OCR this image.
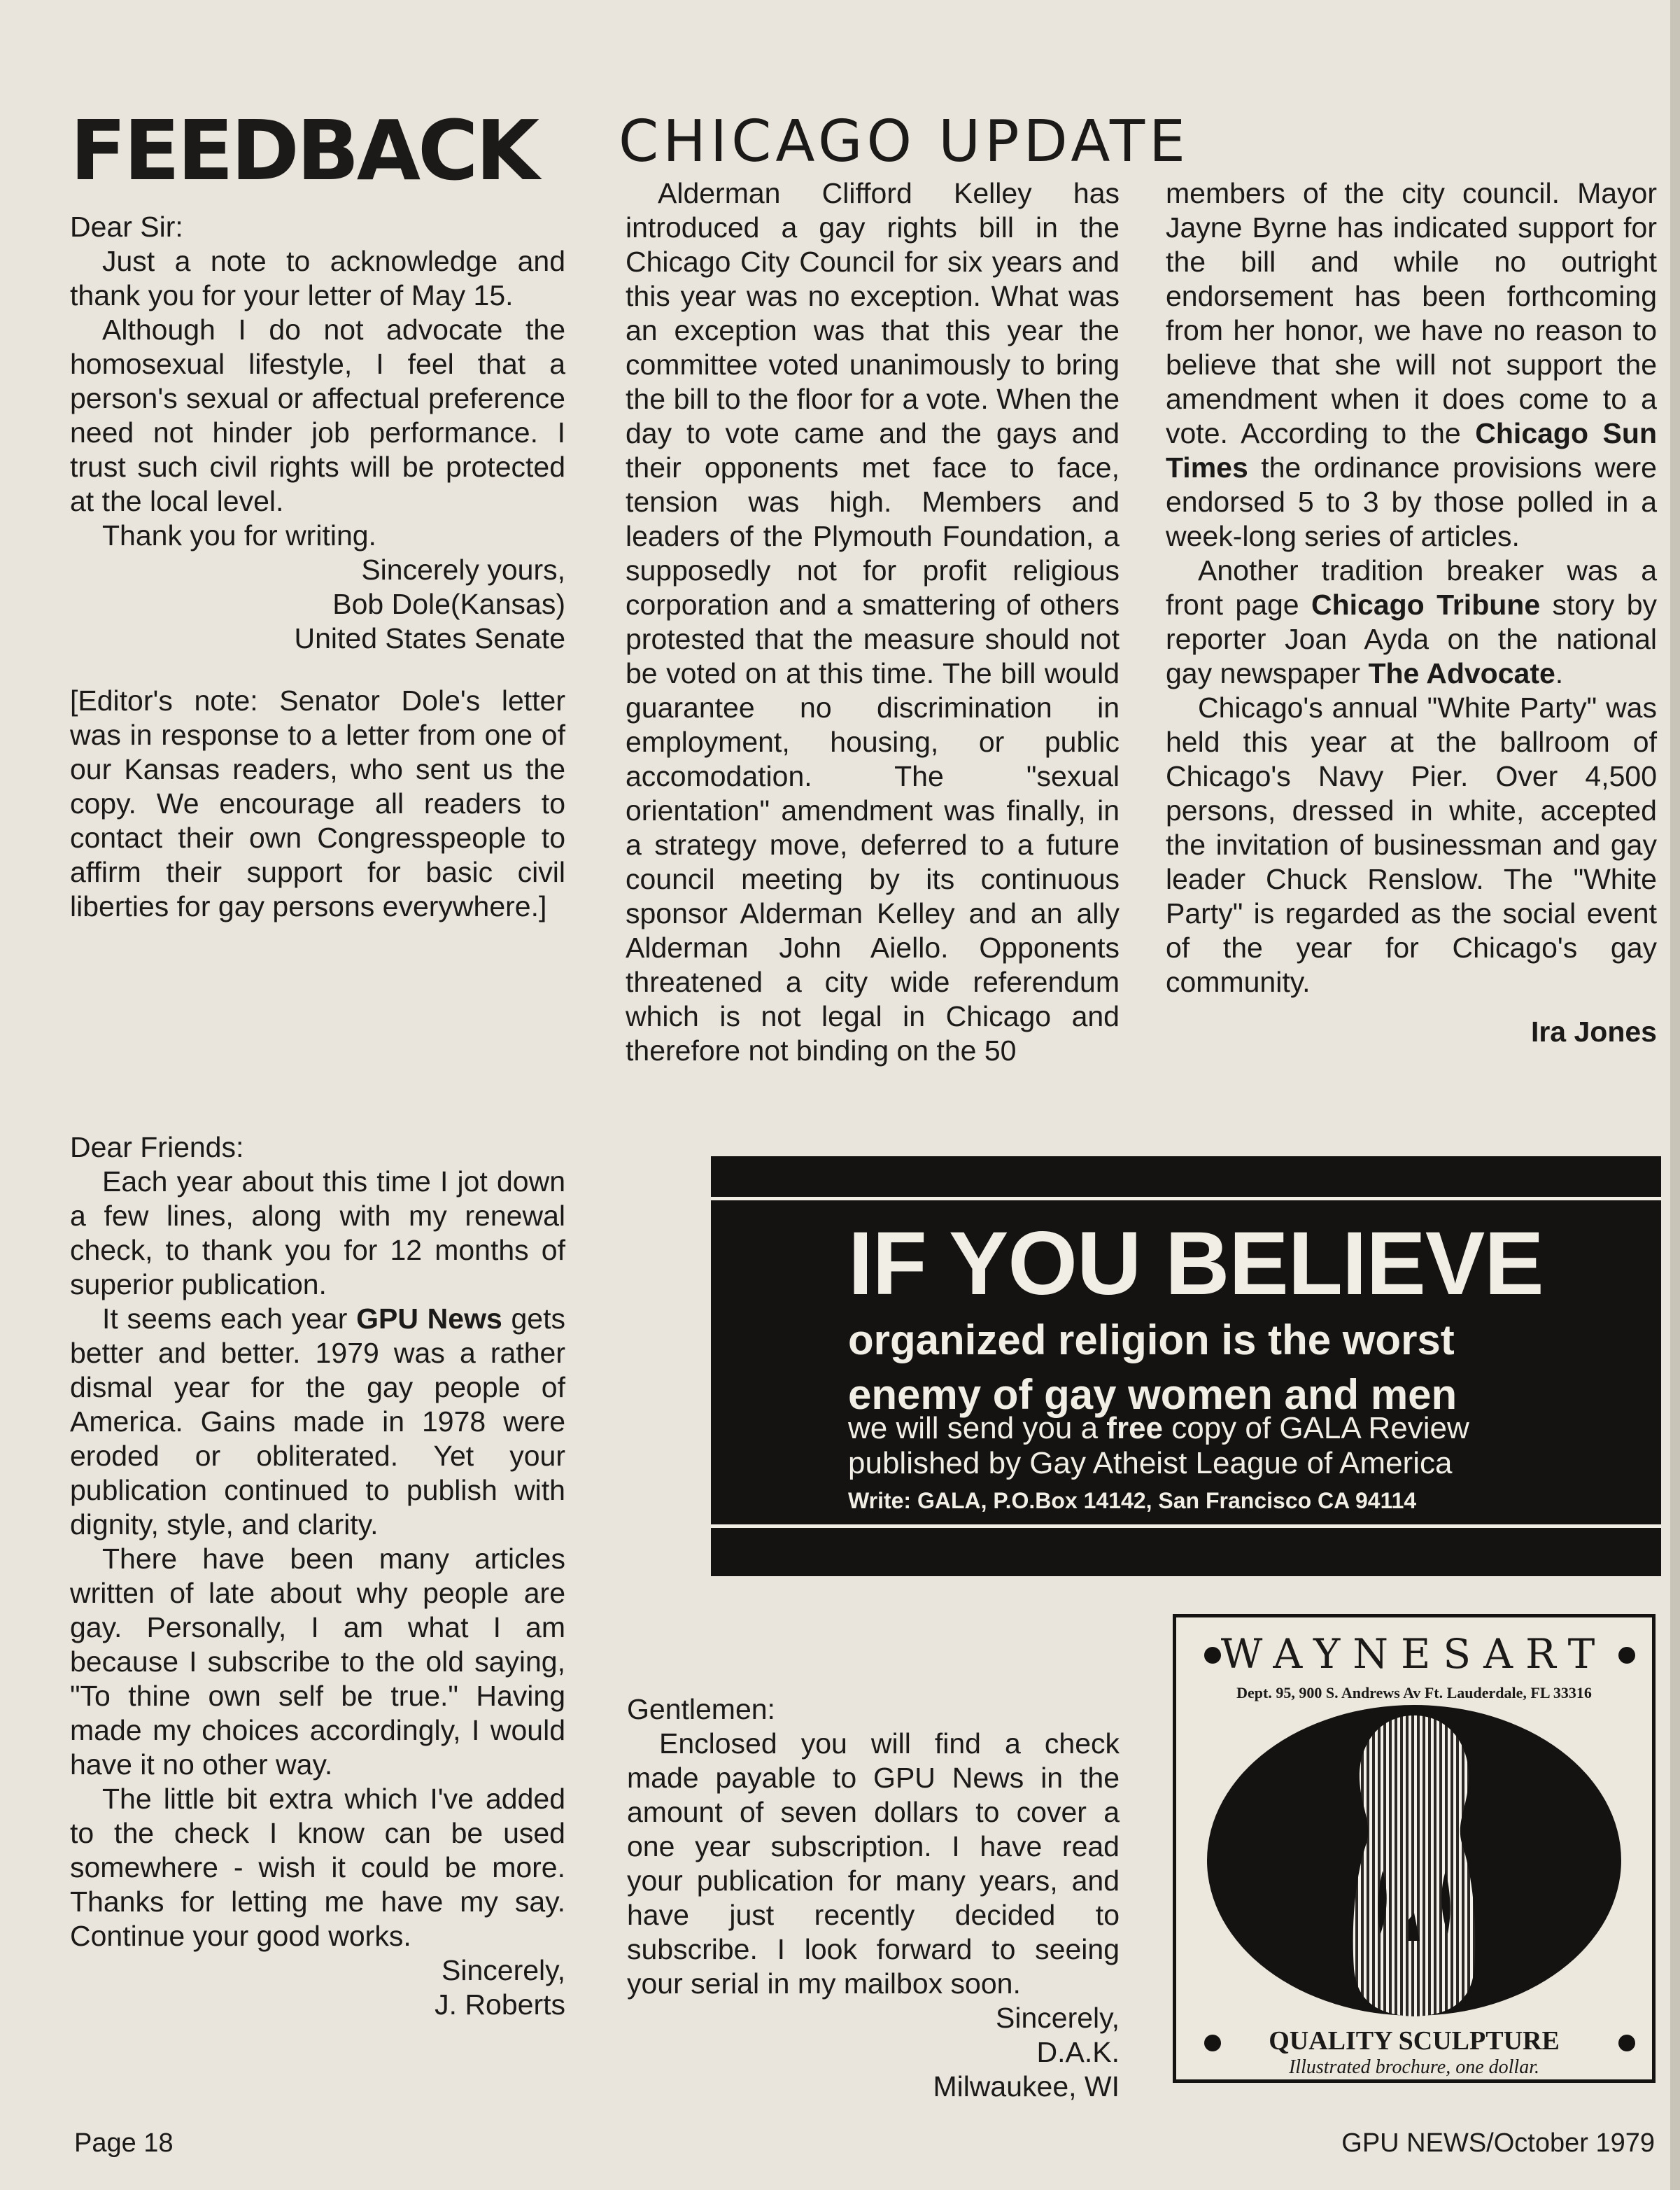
FEEDBACK

Dear Sir:

Just a note to acknowledge and thank you for your letter of May 15.

Although I do not advocate the homosexual lifestyle, I feel that a person's sexual or affectual preference need not hinder job performance. I trust such civil rights will be protected at the local level.

Thank you for writing.

Sincerely yours,

Bob Dole(Kansas)

United States Senate

[Editor's note: Senator Dole's letter was in response to a letter from one of our Kansas readers, who sent us the copy. We encourage all readers to contact their own Congresspeople to affirm their support for basic civil liberties for gay persons everywhere.]

Dear Friends:

Each year about this time I jot down a few lines, along with my renewal check, to thank you for 12 months of superior publication.

It seems each year GPU News gets better and better. 1979 was a rather dismal year for the gay people of America. Gains made in 1978 were eroded or obliterated. Yet your publication continued to publish with dignity, style, and clarity.

There have been many articles written of late about why people are gay. Personally, I am what I am because I subscribe to the old saying, "To thine own self be true." Having made my choices accordingly, I would have it no other way.

The little bit extra which I've added to the check I know can be used somewhere - wish it could be more. Thanks for letting me have my say. Continue your good works.

Sincerely,

J. Roberts

CHICAGO UPDATE

Alderman Clifford Kelley has introduced a gay rights bill in the Chicago City Council for six years and this year was no exception. What was an exception was that this year the committee voted unanimously to bring the bill to the floor for a vote. When the day to vote came and the gays and their opponents met face to face, tension was high. Members and leaders of the Plymouth Foundation, a supposedly not for profit religious corporation and a smattering of others protested that the measure should not be voted on at this time. The bill would guarantee no discrimination in employment, housing, or public accomodation. The "sexual orientation" amendment was finally, in a strategy move, deferred to a future council meeting by its continuous sponsor Alderman Kelley and an ally Alderman John Aiello. Opponents threatened a city wide referendum which is not legal in Chicago and therefore not binding on the 50

members of the city council. Mayor Jayne Byrne has indicated support for the bill and while no outright endorsement has been forthcoming from her honor, we have no reason to believe that she will not support the amendment when it does come to a vote. According to the Chicago Sun Times the ordinance provisions were endorsed 5 to 3 by those polled in a week-long series of articles.

Another tradition breaker was a front page Chicago Tribune story by reporter Joan Ayda on the national gay newspaper The Advocate.

Chicago's annual "White Party" was held this year at the ballroom of Chicago's Navy Pier. Over 4,500 persons, dressed in white, accepted the invitation of businessman and gay leader Chuck Renslow. The "White Party" is regarded as the social event of the year for Chicago's gay community.

Ira Jones

IF YOU BELIEVE
organized religion is the worst
enemy of gay women and men
we will send you a free copy of GALA Review
published by Gay Atheist League of America
Write: GALA, P.O.Box 14142, San Francisco CA 94114

Gentlemen:

Enclosed you will find a check made payable to GPU News in the amount of seven dollars to cover a one year subscription. I have read your publication for many years, and have just recently decided to subscribe. I look forward to seeing your serial in my mailbox soon.

Sincerely,

D.A.K.

Milwaukee, WI

WAYNESART
Dept. 95, 900 S. Andrews Av Ft. Lauderdale, FL 33316
QUALITY SCULPTURE
Illustrated brochure, one dollar.
Page 18	GPU NEWS/October 1979
